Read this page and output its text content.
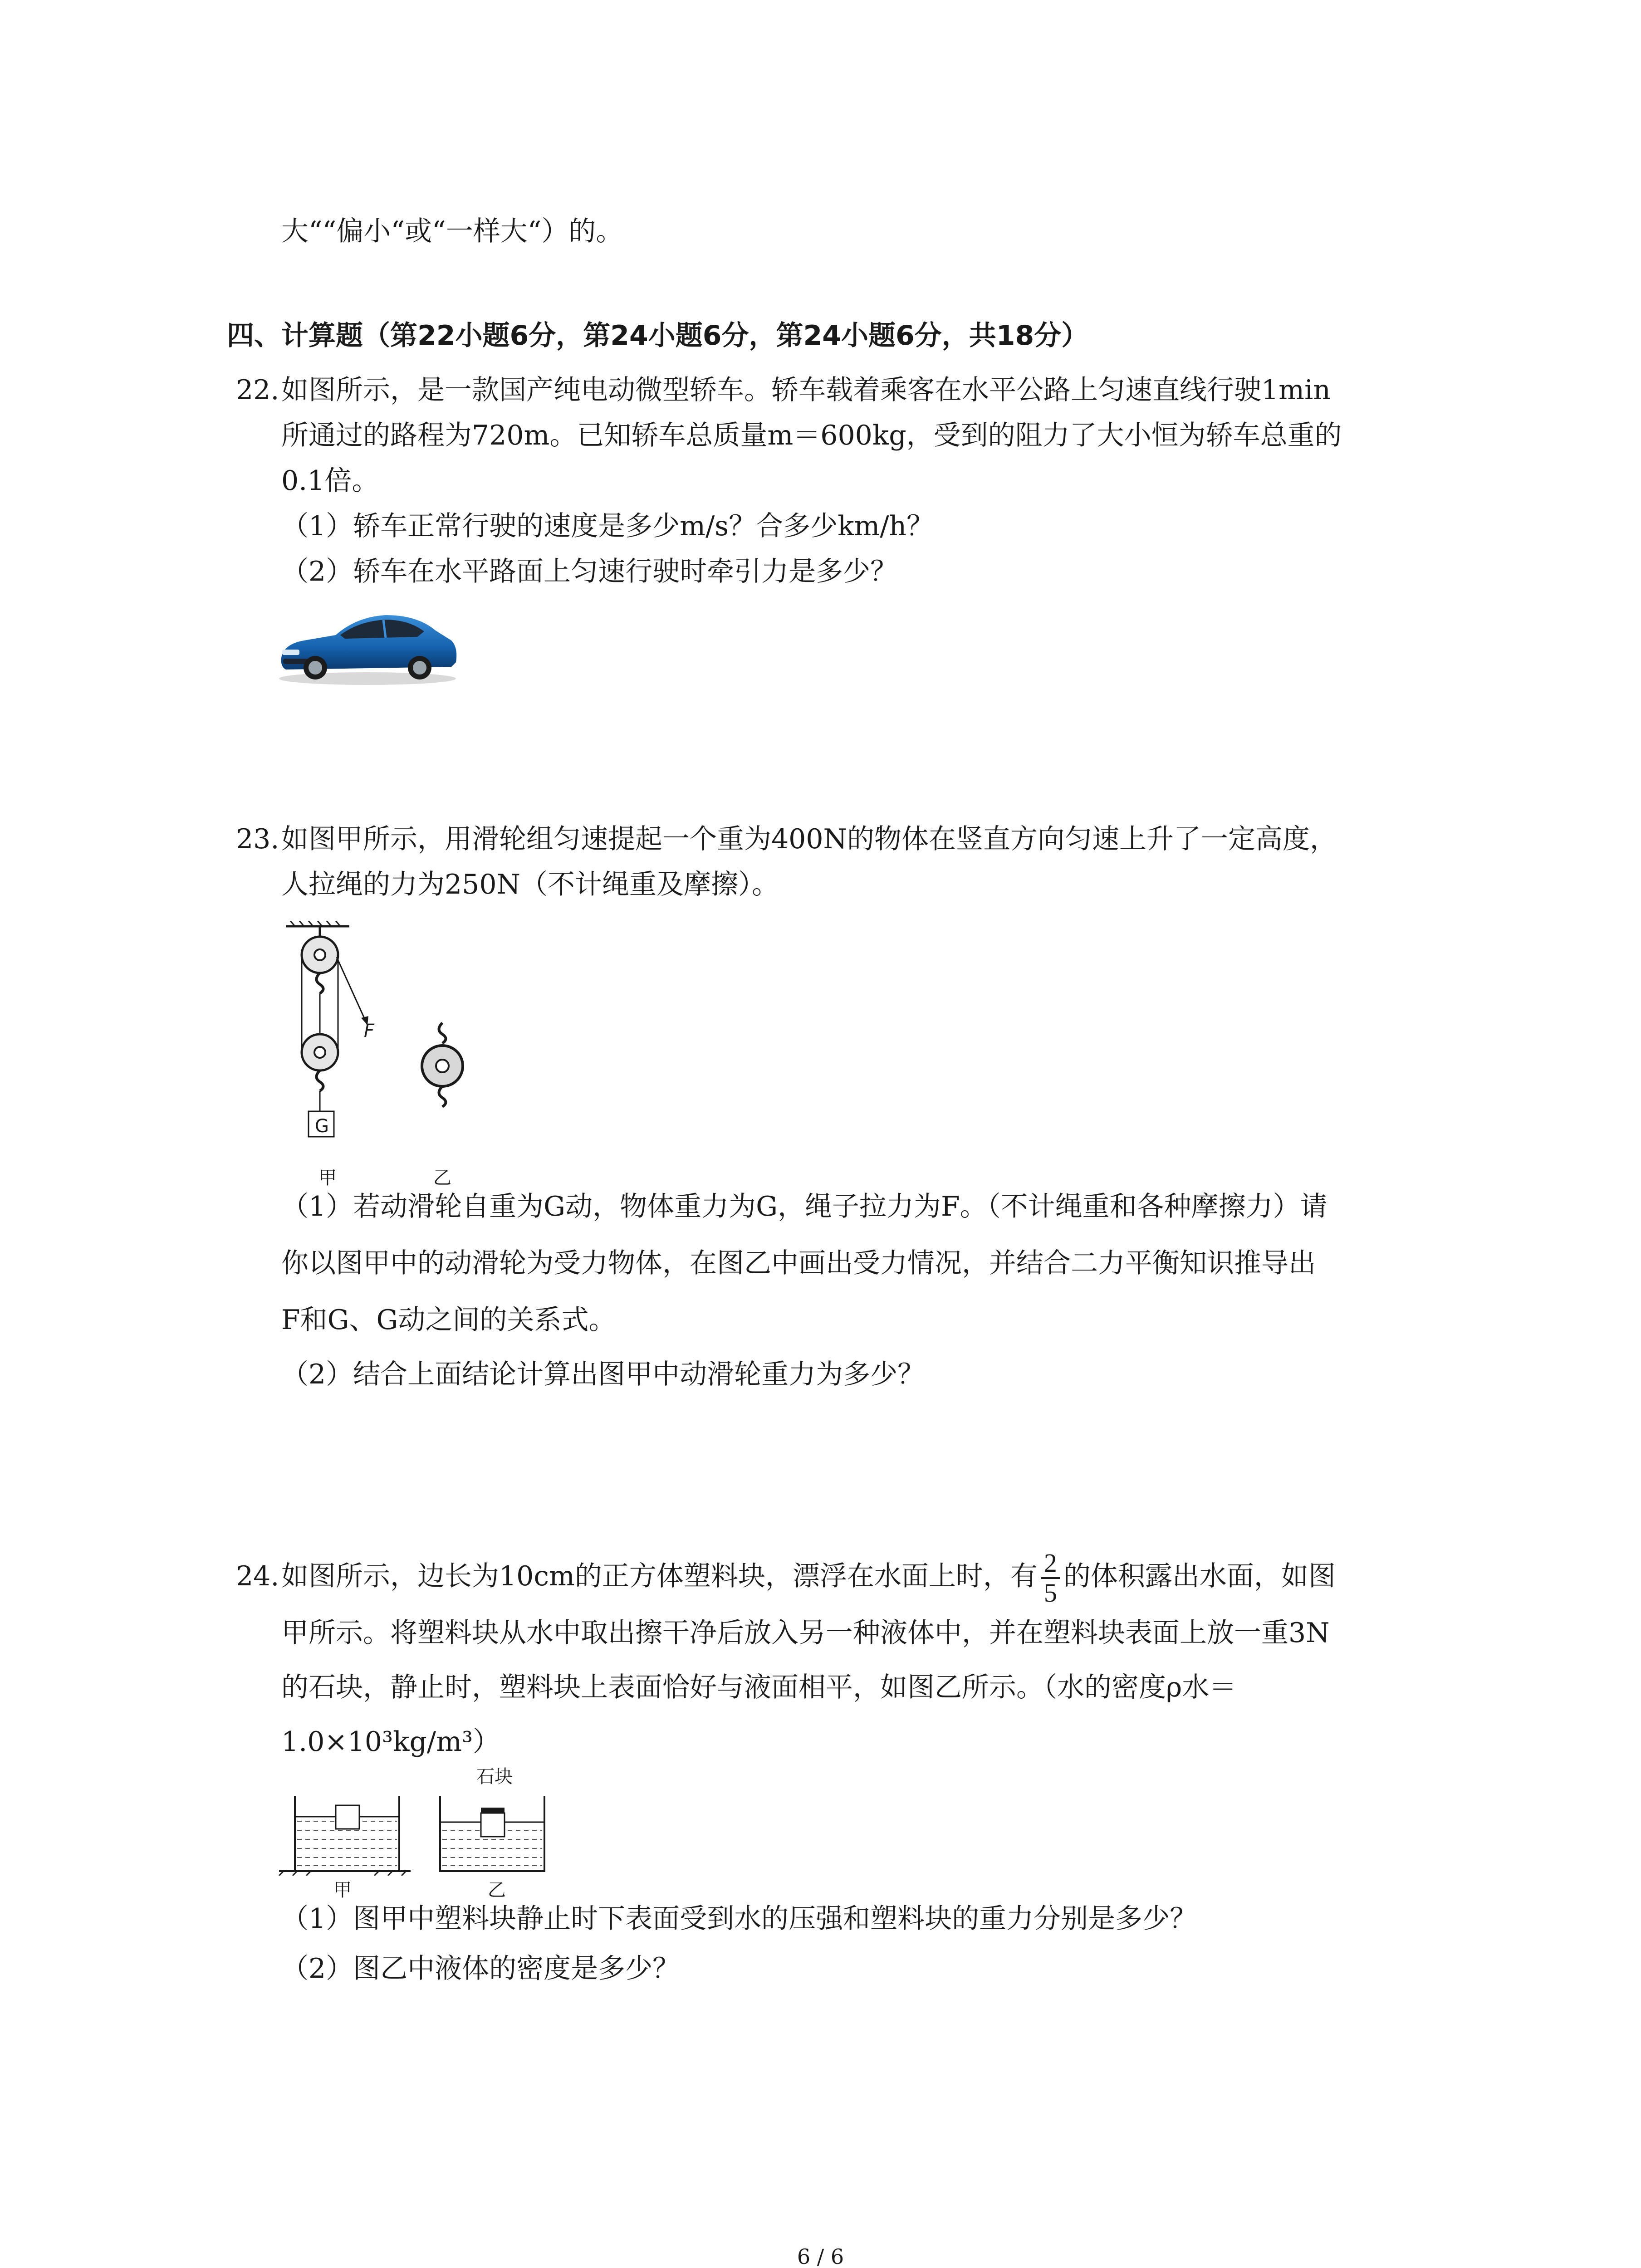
大““偏小“或“一样大“）的。
四、计算题（第22小题6分，第24小题6分，第24小题6分，共18分）
22.如图所示，是一款国产纯电动微型轿车。轿车载着乘客在水平公路上匀速直线行驶1min
所通过的路程为720m。已知轿车总质量m＝600kg，受到的阻力了大小恒为轿车总重的
0.1倍。
（1）轿车正常行驶的速度是多少m/s？合多少km/h？
（2）轿车在水平路面上匀速行驶时牵引力是多少？
23.如图甲所示，用滑轮组匀速提起一个重为400N的物体在竖直方向匀速上升了一定高度，
人拉绳的力为250N（不计绳重及摩擦）。
F
G
甲	乙
（1）若动滑轮自重为G动，物体重力为G，绳子拉力为F。（不计绳重和各种摩擦力）请
你以图甲中的动滑轮为受力物体，在图乙中画出受力情况，并结合二力平衡知识推导出
F和G、G动之间的关系式。
（2）结合上面结论计算出图甲中动滑轮重力为多少？
24.如图所示，边长为10cm的正方体塑料块，漂浮在水面上时，有 $\frac{2}{5}$ 的体积露出水面，如图
甲所示。将塑料块从水中取出擦干净后放入另一种液体中，并在塑料块表面上放一重3N
的石块，静止时，塑料块上表面恰好与液面相平，如图乙所示。（水的密度ρ水＝
1.0×10³kg/m³）
甲
石块
乙
（1）图甲中塑料块静止时下表面受到水的压强和塑料块的重力分别是多少？
（2）图乙中液体的密度是多少？
6 / 6
